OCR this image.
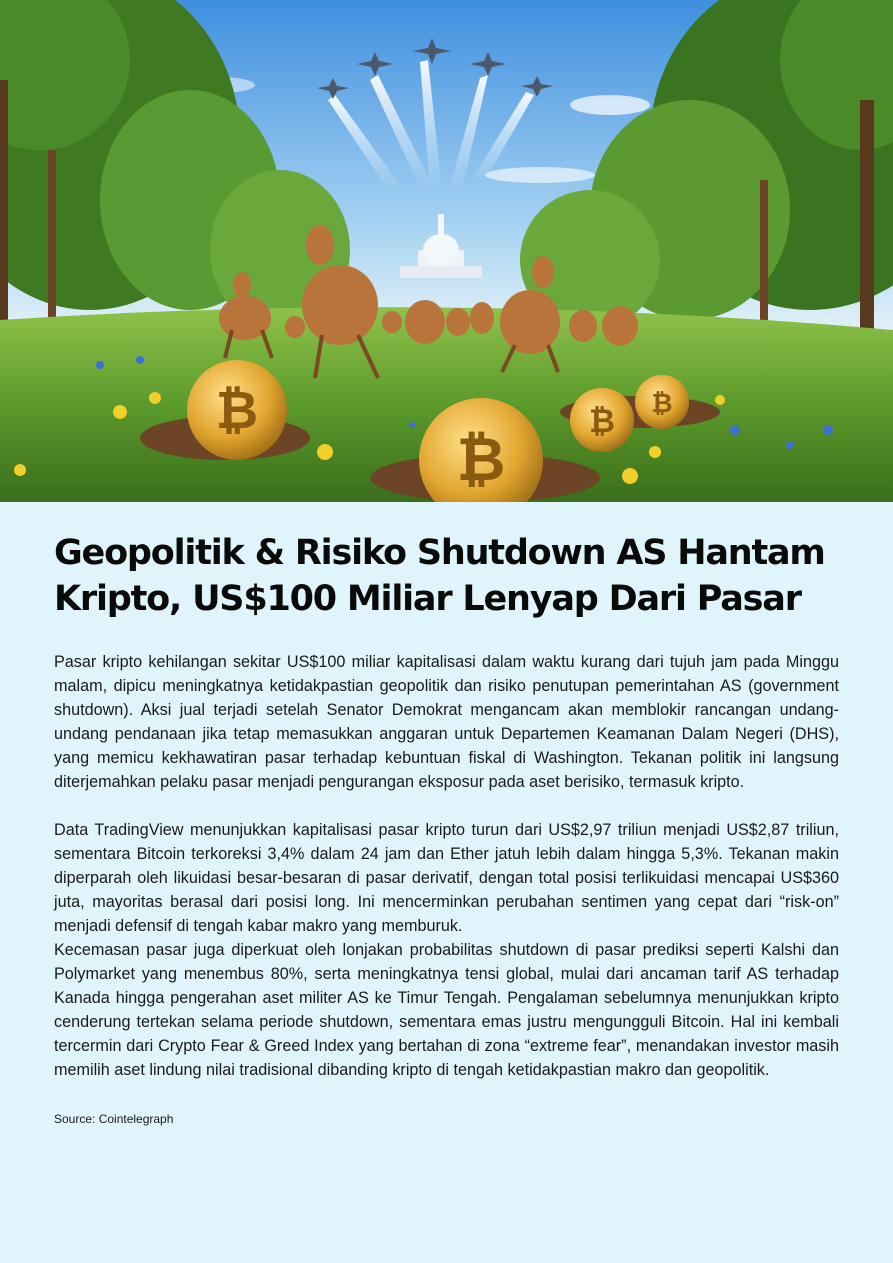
₿
₿
₿ ₿
Geopolitik & Risiko Shutdown AS Hantam Kripto, US$100 Miliar Lenyap Dari Pasar

Pasar kripto kehilangan sekitar US$100 miliar kapitalisasi dalam waktu kurang dari tujuh jam pada Minggu malam, dipicu meningkatnya ketidakpastian geopolitik dan risiko penutupan pemerintahan AS (government shutdown). Aksi jual terjadi setelah Senator Demokrat mengancam akan memblokir rancangan undang-undang pendanaan jika tetap memasukkan anggaran untuk Departemen Keamanan Dalam Negeri (DHS), yang memicu kekhawatiran pasar terhadap kebuntuan fiskal di Washington. Tekanan politik ini langsung diterjemahkan pelaku pasar menjadi pengurangan eksposur pada aset berisiko, termasuk kripto.

Data TradingView menunjukkan kapitalisasi pasar kripto turun dari US$2,97 triliun menjadi US$2,87 triliun, sementara Bitcoin terkoreksi 3,4% dalam 24 jam dan Ether jatuh lebih dalam hingga 5,3%. Tekanan makin diperparah oleh likuidasi besar-besaran di pasar derivatif, dengan total posisi terlikuidasi mencapai US$360 juta, mayoritas berasal dari posisi long. Ini mencerminkan perubahan sentimen yang cepat dari “risk-on” menjadi defensif di tengah kabar makro yang memburuk.

Kecemasan pasar juga diperkuat oleh lonjakan probabilitas shutdown di pasar prediksi seperti Kalshi dan Polymarket yang menembus 80%, serta meningkatnya tensi global, mulai dari ancaman tarif AS terhadap Kanada hingga pengerahan aset militer AS ke Timur Tengah. Pengalaman sebelumnya menunjukkan kripto cenderung tertekan selama periode shutdown, sementara emas justru mengungguli Bitcoin. Hal ini kembali tercermin dari Crypto Fear & Greed Index yang bertahan di zona “extreme fear”, menandakan investor masih memilih aset lindung nilai tradisional dibanding kripto di tengah ketidakpastian makro dan geopolitik.

Source: Cointelegraph
